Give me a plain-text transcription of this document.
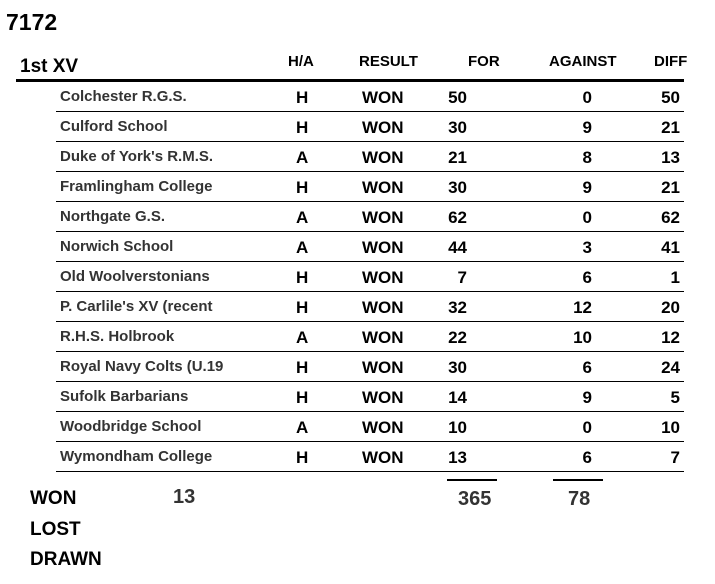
7172
1st XV	H/A	RESULT	FOR	AGAINST	DIFF
Colchester R.G.S.	H	WON	50	0	50
Culford School	H	WON	30	9	21
Duke of York's R.M.S.	A	WON	21	8	13
Framlingham College	H	WON	30	9	21
Northgate G.S.	A	WON	62	0	62
Norwich School	A	WON	44	3	41
Old Woolverstonians	H	WON	7	6	1
P. Carlile's XV (recent	H	WON	32	12	20
R.H.S. Holbrook	A	WON	22	10	12
Royal Navy Colts (U.19	H	WON	30	6	24
Sufolk Barbarians	H	WON	14	9	5
Woodbridge School	A	WON	10	0	10
Wymondham College	H	WON	13	6	7
365	78
WON	13
LOST
DRAWN
